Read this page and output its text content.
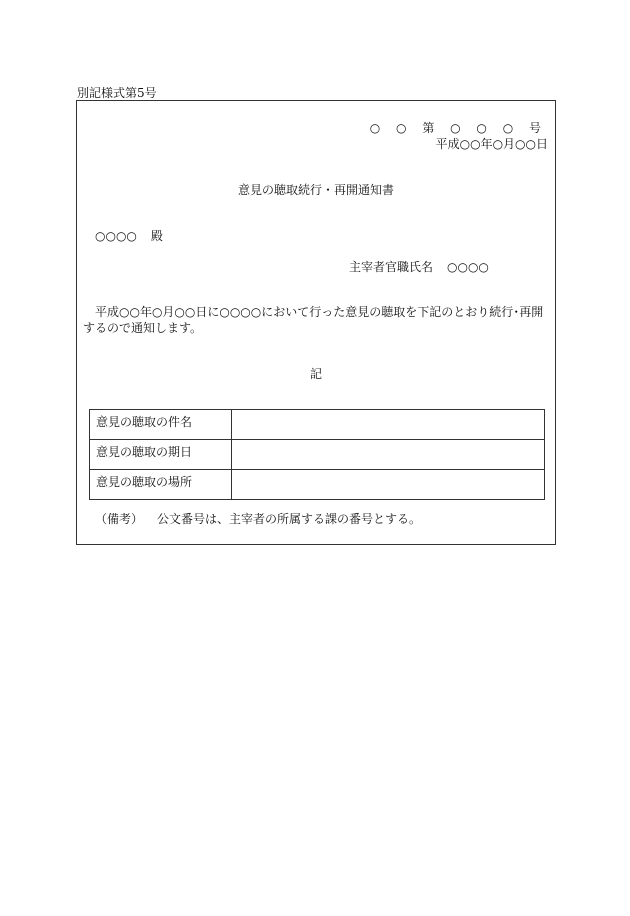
別記様式第5号
○ ○ 第 ○ ○ ○ 号
平成○○年○月○○日
意見の聴取続行・再開通知書
○○○○ 殿
主宰者官職氏名 ○○○○
平成○○年○月○○日に○○○○において行った意見の聴取を下記のとおり続行･再開するので通知します。
記
意見の聴取の件名	
意見の聴取の期日	
意見の聴取の場所	
（備考） 公文番号は、主宰者の所属する課の番号とする。
